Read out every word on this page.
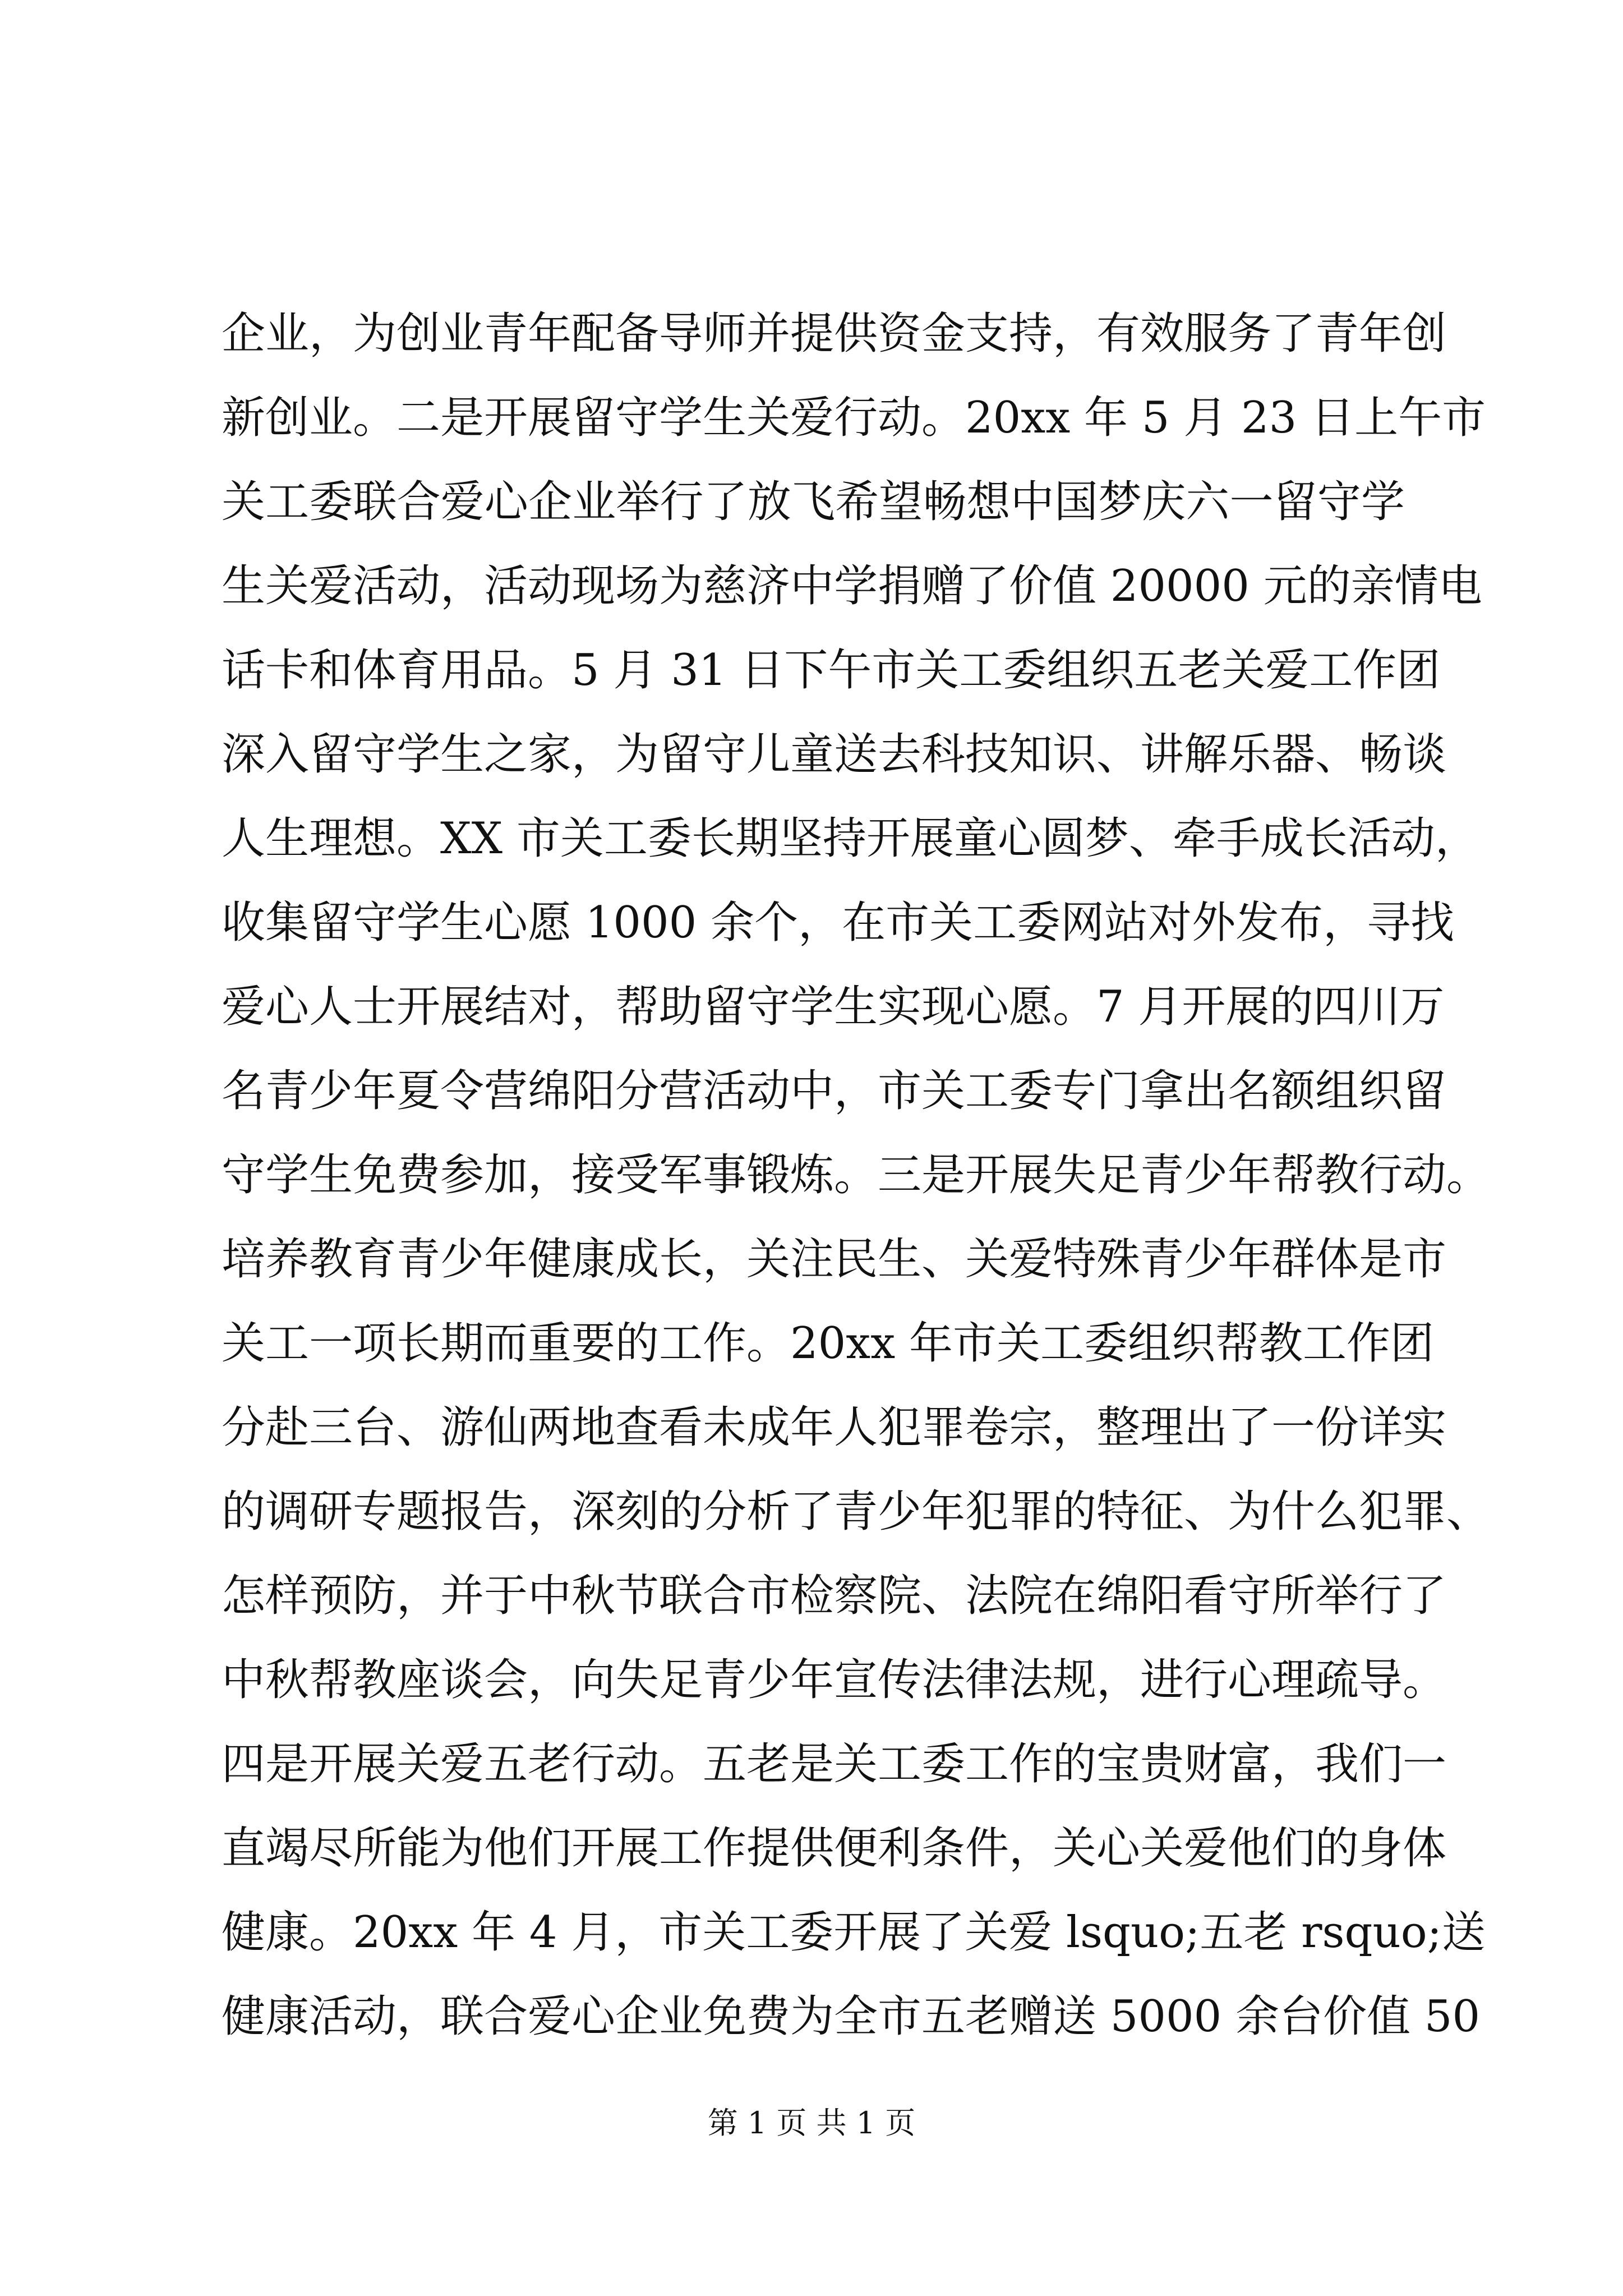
企业，为创业青年配备导师并提供资金支持，有效服务了青年创
新创业。二是开展留守学生关爱行动。20xx 年 5 月 23 日上午市
关工委联合爱心企业举行了放飞希望畅想中国梦庆六一留守学
生关爱活动，活动现场为慈济中学捐赠了价值 20000 元的亲情电
话卡和体育用品。5 月 31 日下午市关工委组织五老关爱工作团
深入留守学生之家，为留守儿童送去科技知识、讲解乐器、畅谈
人生理想。XX 市关工委长期坚持开展童心圆梦、牵手成长活动，
收集留守学生心愿 1000 余个，在市关工委网站对外发布，寻找
爱心人士开展结对，帮助留守学生实现心愿。7 月开展的四川万
名青少年夏令营绵阳分营活动中，市关工委专门拿出名额组织留
守学生免费参加，接受军事锻炼。三是开展失足青少年帮教行动。
培养教育青少年健康成长，关注民生、关爱特殊青少年群体是市
关工一项长期而重要的工作。20xx 年市关工委组织帮教工作团
分赴三台、游仙两地查看未成年人犯罪卷宗，整理出了一份详实
的调研专题报告，深刻的分析了青少年犯罪的特征、为什么犯罪、
怎样预防，并于中秋节联合市检察院、法院在绵阳看守所举行了
中秋帮教座谈会，向失足青少年宣传法律法规，进行心理疏导。
四是开展关爱五老行动。五老是关工委工作的宝贵财富，我们一
直竭尽所能为他们开展工作提供便利条件，关心关爱他们的身体
健康。20xx 年 4 月，市关工委开展了关爱 lsquo;五老 rsquo;送
健康活动，联合爱心企业免费为全市五老赠送 5000 余台价值 50
第 1 页 共 1 页
